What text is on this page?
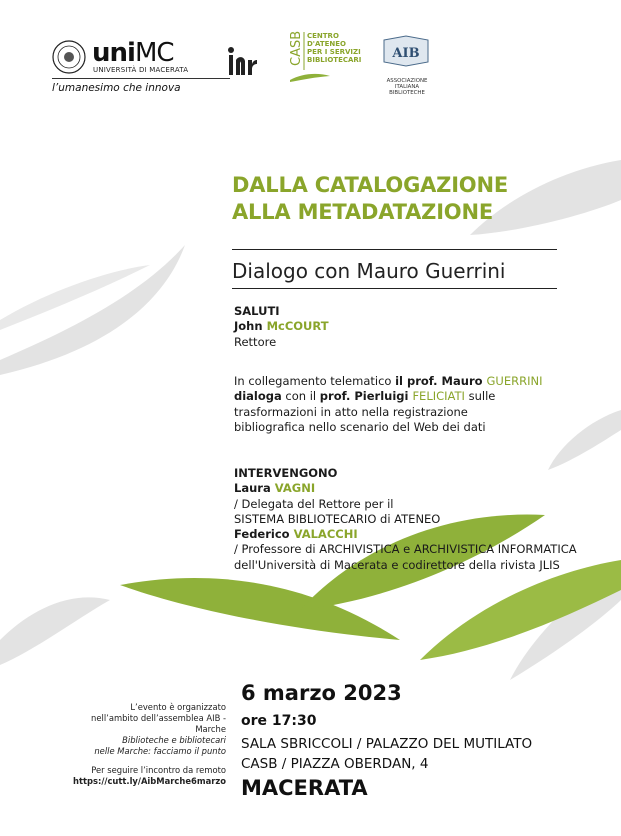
uniMC
UNIVERSITÀ DI MACERATA
l’umanesimo che innova
CASB CENTRO
D'ATENEO
PER I SERVIZI
BIBLIOTECARI AIB
ASSOCIAZIONE
ITALIANA
BIBLIOTECHE
DALLA CATALOGAZIONE
ALLA METADATAZIONE
Dialogo con Mauro Guerrini
SALUTI
John McCOURT
Rettore
In collegamento telematico il prof. Mauro GUERRINI
dialoga con il prof. Pierluigi FELICIATI sulle
trasformazioni in atto nella registrazione
bibliografica nello scenario del Web dei dati
INTERVENGONO
Laura VAGNI
/ Delegata del Rettore per il
SISTEMA BIBLIOTECARIO di ATENEO
Federico VALACCHI
/ Professore di ARCHIVISTICA e ARCHIVISTICA INFORMATICA
dell'Università di Macerata e codirettore della rivista JLIS
L’evento è organizzato
nell’ambito dell’assemblea AIB - Marche
Biblioteche e bibliotecari
nelle Marche: facciamo il punto
Per seguire l’incontro da remoto
https://cutt.ly/AibMarche6marzo
6 marzo 2023
ore 17:30
SALA SBRICCOLI / PALAZZO DEL MUTILATO
CASB / PIAZZA OBERDAN, 4
MACERATA
